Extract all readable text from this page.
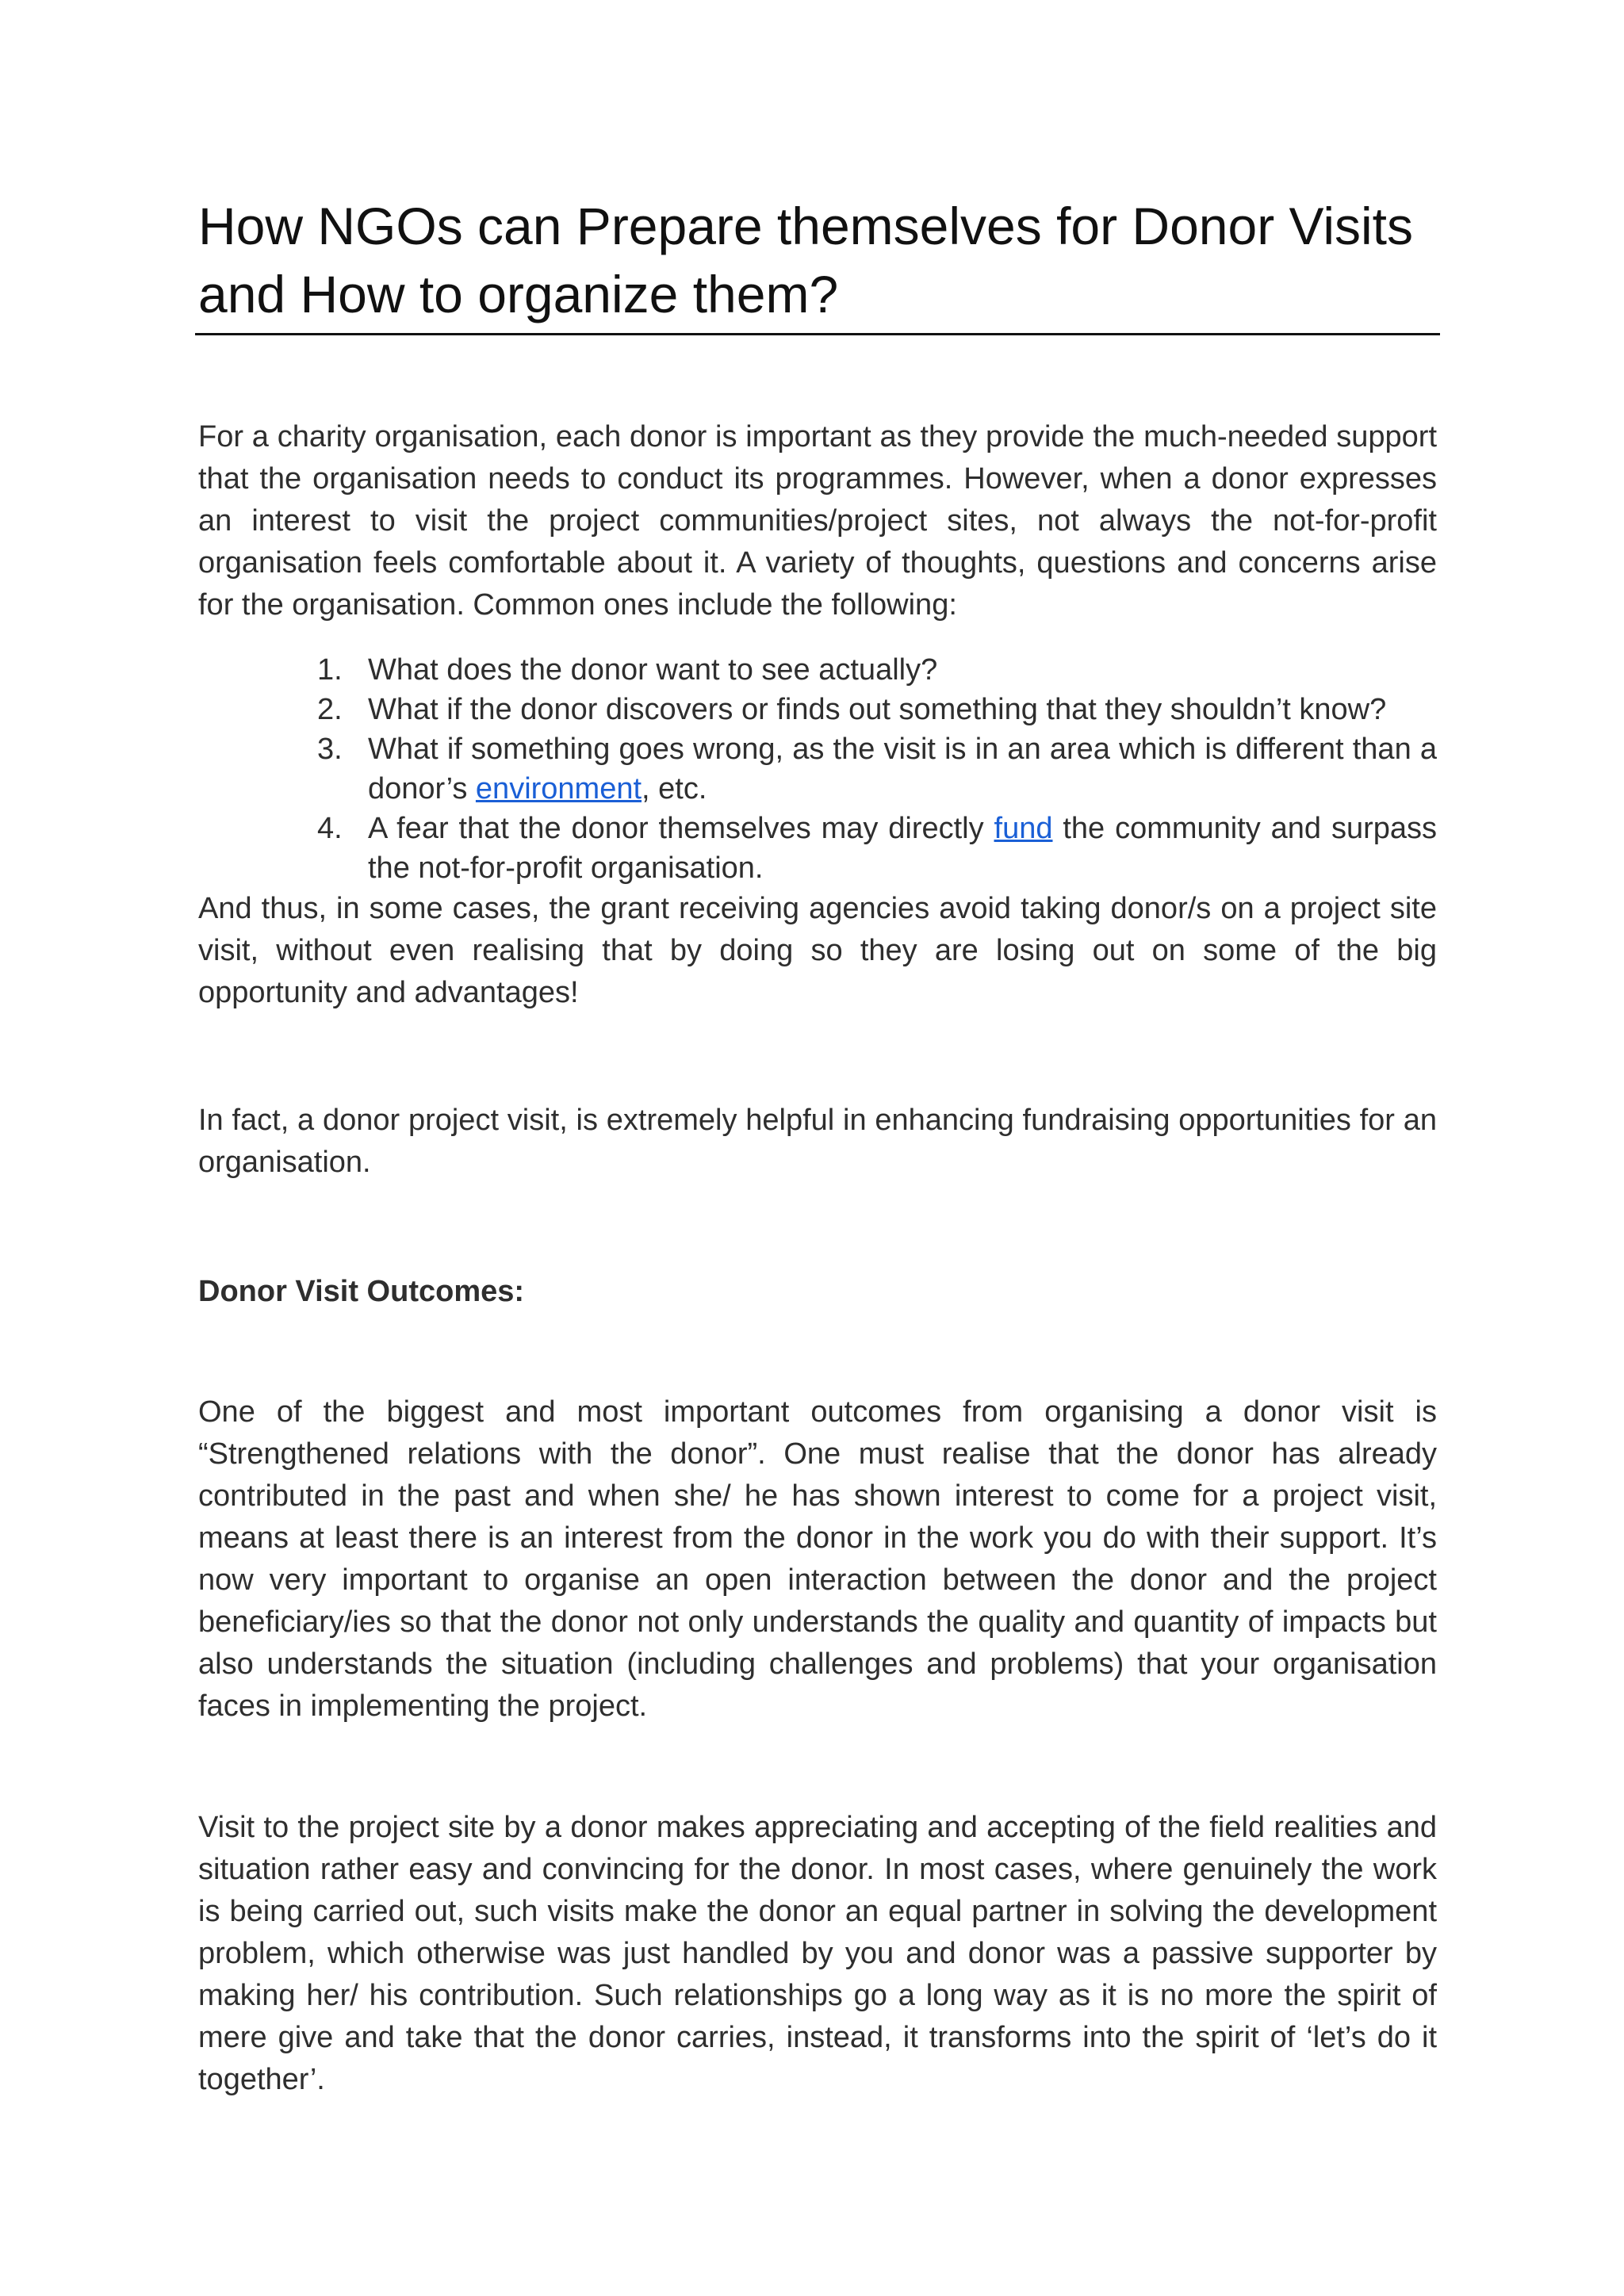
How NGOs can Prepare themselves for Donor Visits
and How to organize them?

For a charity organisation, each donor is important as they provide the much-needed support that the organisation needs to conduct its programmes. However, when a donor expresses an interest to visit the project communities/project sites, not always the not-for-profit organisation feels comfortable about it. A variety of thoughts, questions and concerns arise for the organisation. Common ones include the following:

1. What does the donor want to see actually?
2. What if the donor discovers or finds out something that they shouldn’t know?
3. What if something goes wrong, as the visit is in an area which is different than a donor’s environment, etc.
4. A fear that the donor themselves may directly fund the community and surpass the not-for-profit organisation.

And thus, in some cases, the grant receiving agencies avoid taking donor/s on a project site visit, without even realising that by doing so they are losing out on some of the big opportunity and advantages!

In fact, a donor project visit, is extremely helpful in enhancing fundraising opportunities for an organisation.

Donor Visit Outcomes:

One of the biggest and most important outcomes from organising a donor visit is “Strengthened relations with the donor”. One must realise that the donor has already contributed in the past and when she/ he has shown interest to come for a project visit, means at least there is an interest from the donor in the work you do with their support. It’s now very important to organise an open interaction between the donor and the project beneficiary/ies so that the donor not only understands the quality and quantity of impacts but also understands the situation (including challenges and problems) that your organisation faces in implementing the project.

Visit to the project site by a donor makes appreciating and accepting of the field realities and situation rather easy and convincing for the donor. In most cases, where genuinely the work is being carried out, such visits make the donor an equal partner in solving the development problem, which otherwise was just handled by you and donor was a passive supporter by making her/ his contribution. Such relationships go a long way as it is no more the spirit of mere give and take that the donor carries, instead, it transforms into the spirit of ‘let’s do it together’.
